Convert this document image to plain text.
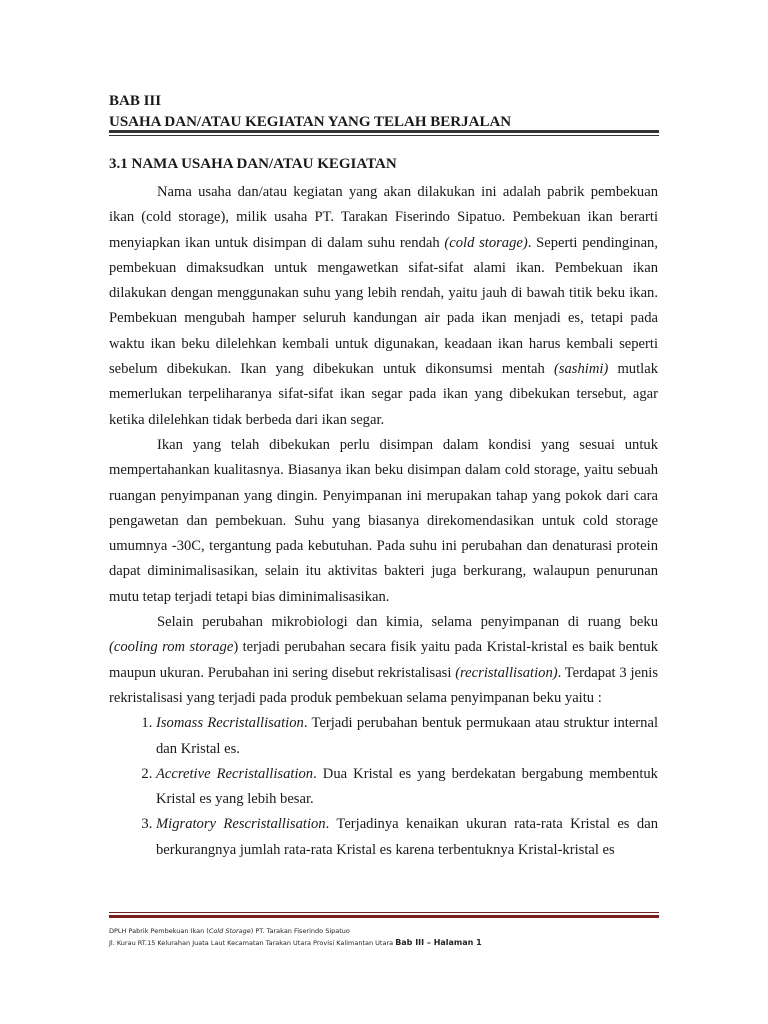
BAB III
USAHA DAN/ATAU KEGIATAN YANG TELAH BERJALAN
3.1 NAMA USAHA DAN/ATAU KEGIATAN

Nama usaha dan/atau kegiatan yang akan dilakukan ini adalah pabrik pembekuan ikan (cold storage), milik usaha PT. Tarakan Fiserindo Sipatuo. Pembekuan ikan berarti menyiapkan ikan untuk disimpan di dalam suhu rendah (cold storage). Seperti pendinginan, pembekuan dimaksudkan untuk mengawetkan sifat-sifat alami ikan. Pembekuan ikan dilakukan dengan menggunakan suhu yang lebih rendah, yaitu jauh di bawah titik beku ikan. Pembekuan mengubah hamper seluruh kandungan air pada ikan menjadi es, tetapi pada waktu ikan beku dilelehkan kembali untuk digunakan, keadaan ikan harus kembali seperti sebelum dibekukan. Ikan yang dibekukan untuk dikonsumsi mentah (sashimi) mutlak memerlukan terpeliharanya sifat-sifat ikan segar pada ikan yang dibekukan tersebut, agar ketika dilelehkan tidak berbeda dari ikan segar.

Ikan yang telah dibekukan perlu disimpan dalam kondisi yang sesuai untuk mempertahankan kualitasnya. Biasanya ikan beku disimpan dalam cold storage, yaitu sebuah ruangan penyimpanan yang dingin. Penyimpanan ini merupakan tahap yang pokok dari cara pengawetan dan pembekuan. Suhu yang biasanya direkomendasikan untuk cold storage umumnya -30C, tergantung pada kebutuhan. Pada suhu ini perubahan dan denaturasi protein dapat diminimalisasikan, selain itu aktivitas bakteri juga berkurang, walaupun penurunan mutu tetap terjadi tetapi bias diminimalisasikan.

Selain perubahan mikrobiologi dan kimia, selama penyimpanan di ruang beku (cooling rom storage) terjadi perubahan secara fisik yaitu pada Kristal-kristal es baik bentuk maupun ukuran. Perubahan ini sering disebut rekristalisasi (recristallisation). Terdapat 3 jenis rekristalisasi yang terjadi pada produk pembekuan selama penyimpanan beku yaitu :

1. Isomass Recristallisation. Terjadi perubahan bentuk permukaan atau struktur internal dan Kristal es.
2. Accretive Recristallisation. Dua Kristal es yang berdekatan bergabung membentuk Kristal es yang lebih besar.
3. Migratory Rescristallisation. Terjadinya kenaikan ukuran rata-rata Kristal es dan berkurangnya jumlah rata-rata Kristal es karena terbentuknya Kristal-kristal es
DPLH Pabrik Pembekuan Ikan (Cold Storage) PT. Tarakan Fiserindo Sipatuo
Jl. Kurau RT.15 Kelurahan Juata Laut Kecamatan Tarakan Utara Provisi Kalimantan Utara Bab III – Halaman 1
